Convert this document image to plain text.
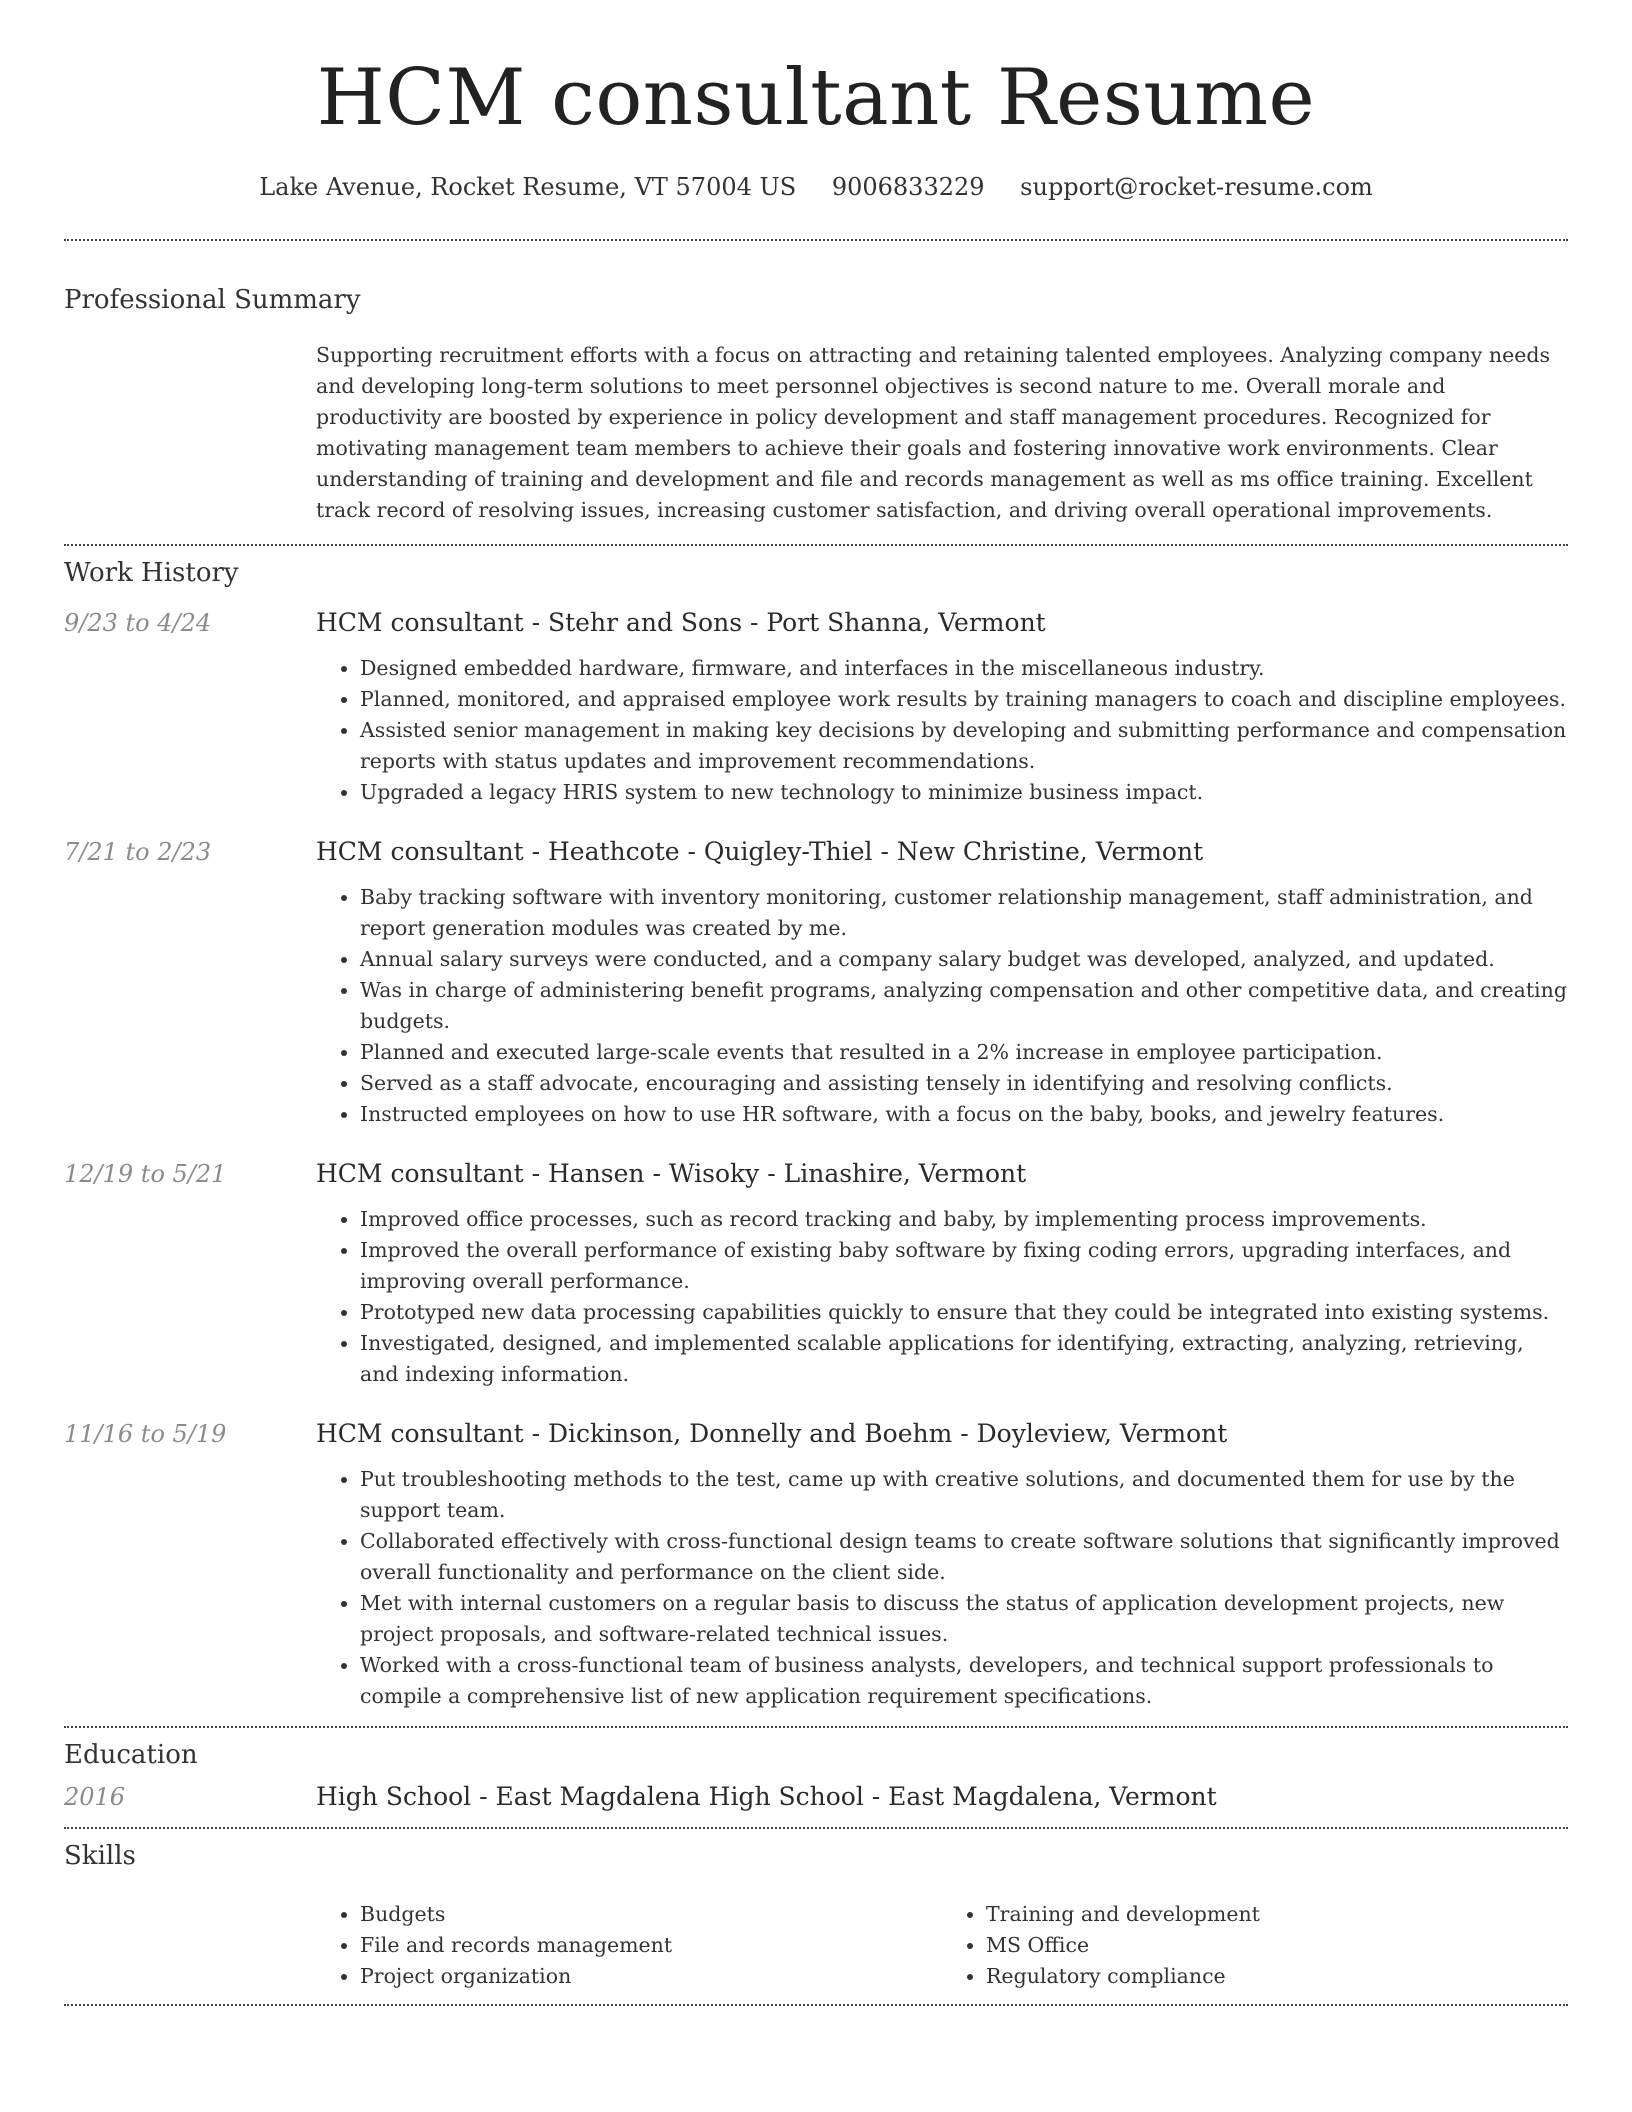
HCM consultant Resume
Lake Avenue, Rocket Resume, VT 57004 US 9006833229 support@rocket-resume.com
Professional Summary

Supporting recruitment efforts with a focus on attracting and retaining talented employees. Analyzing company needs and developing long-term solutions to meet personnel objectives is second nature to me. Overall morale and productivity are boosted by experience in policy development and staff management procedures. Recognized for motivating management team members to achieve their goals and fostering innovative work environments. Clear understanding of training and development and file and records management as well as ms office training. Excellent track record of resolving issues, increasing customer satisfaction, and driving overall operational improvements.

Work History
9/23 to 4/24	HCM consultant - Stehr and Sons - Port Shanna, Vermont
• Designed embedded hardware, firmware, and interfaces in the miscellaneous industry.
• Planned, monitored, and appraised employee work results by training managers to coach and discipline employees.
• Assisted senior management in making key decisions by developing and submitting performance and compensation reports with status updates and improvement recommendations.
• Upgraded a legacy HRIS system to new technology to minimize business impact.
7/21 to 2/23	HCM consultant - Heathcote - Quigley-Thiel - New Christine, Vermont
• Baby tracking software with inventory monitoring, customer relationship management, staff administration, and report generation modules was created by me.
• Annual salary surveys were conducted, and a company salary budget was developed, analyzed, and updated.
• Was in charge of administering benefit programs, analyzing compensation and other competitive data, and creating budgets.
• Planned and executed large-scale events that resulted in a 2% increase in employee participation.
• Served as a staff advocate, encouraging and assisting tensely in identifying and resolving conflicts.
• Instructed employees on how to use HR software, with a focus on the baby, books, and jewelry features.
12/19 to 5/21	HCM consultant - Hansen - Wisoky - Linashire, Vermont
• Improved office processes, such as record tracking and baby, by implementing process improvements.
• Improved the overall performance of existing baby software by fixing coding errors, upgrading interfaces, and improving overall performance.
• Prototyped new data processing capabilities quickly to ensure that they could be integrated into existing systems.
• Investigated, designed, and implemented scalable applications for identifying, extracting, analyzing, retrieving, and indexing information.
11/16 to 5/19	HCM consultant - Dickinson, Donnelly and Boehm - Doyleview, Vermont
• Put troubleshooting methods to the test, came up with creative solutions, and documented them for use by the support team.
• Collaborated effectively with cross-functional design teams to create software solutions that significantly improved overall functionality and performance on the client side.
• Met with internal customers on a regular basis to discuss the status of application development projects, new project proposals, and software-related technical issues.
• Worked with a cross-functional team of business analysts, developers, and technical support professionals to compile a comprehensive list of new application requirement specifications.
Education
2016	High School - East Magdalena High School - East Magdalena, Vermont
Skills
• Budgets
• File and records management
• Project organization
• Training and development
• MS Office
• Regulatory compliance
